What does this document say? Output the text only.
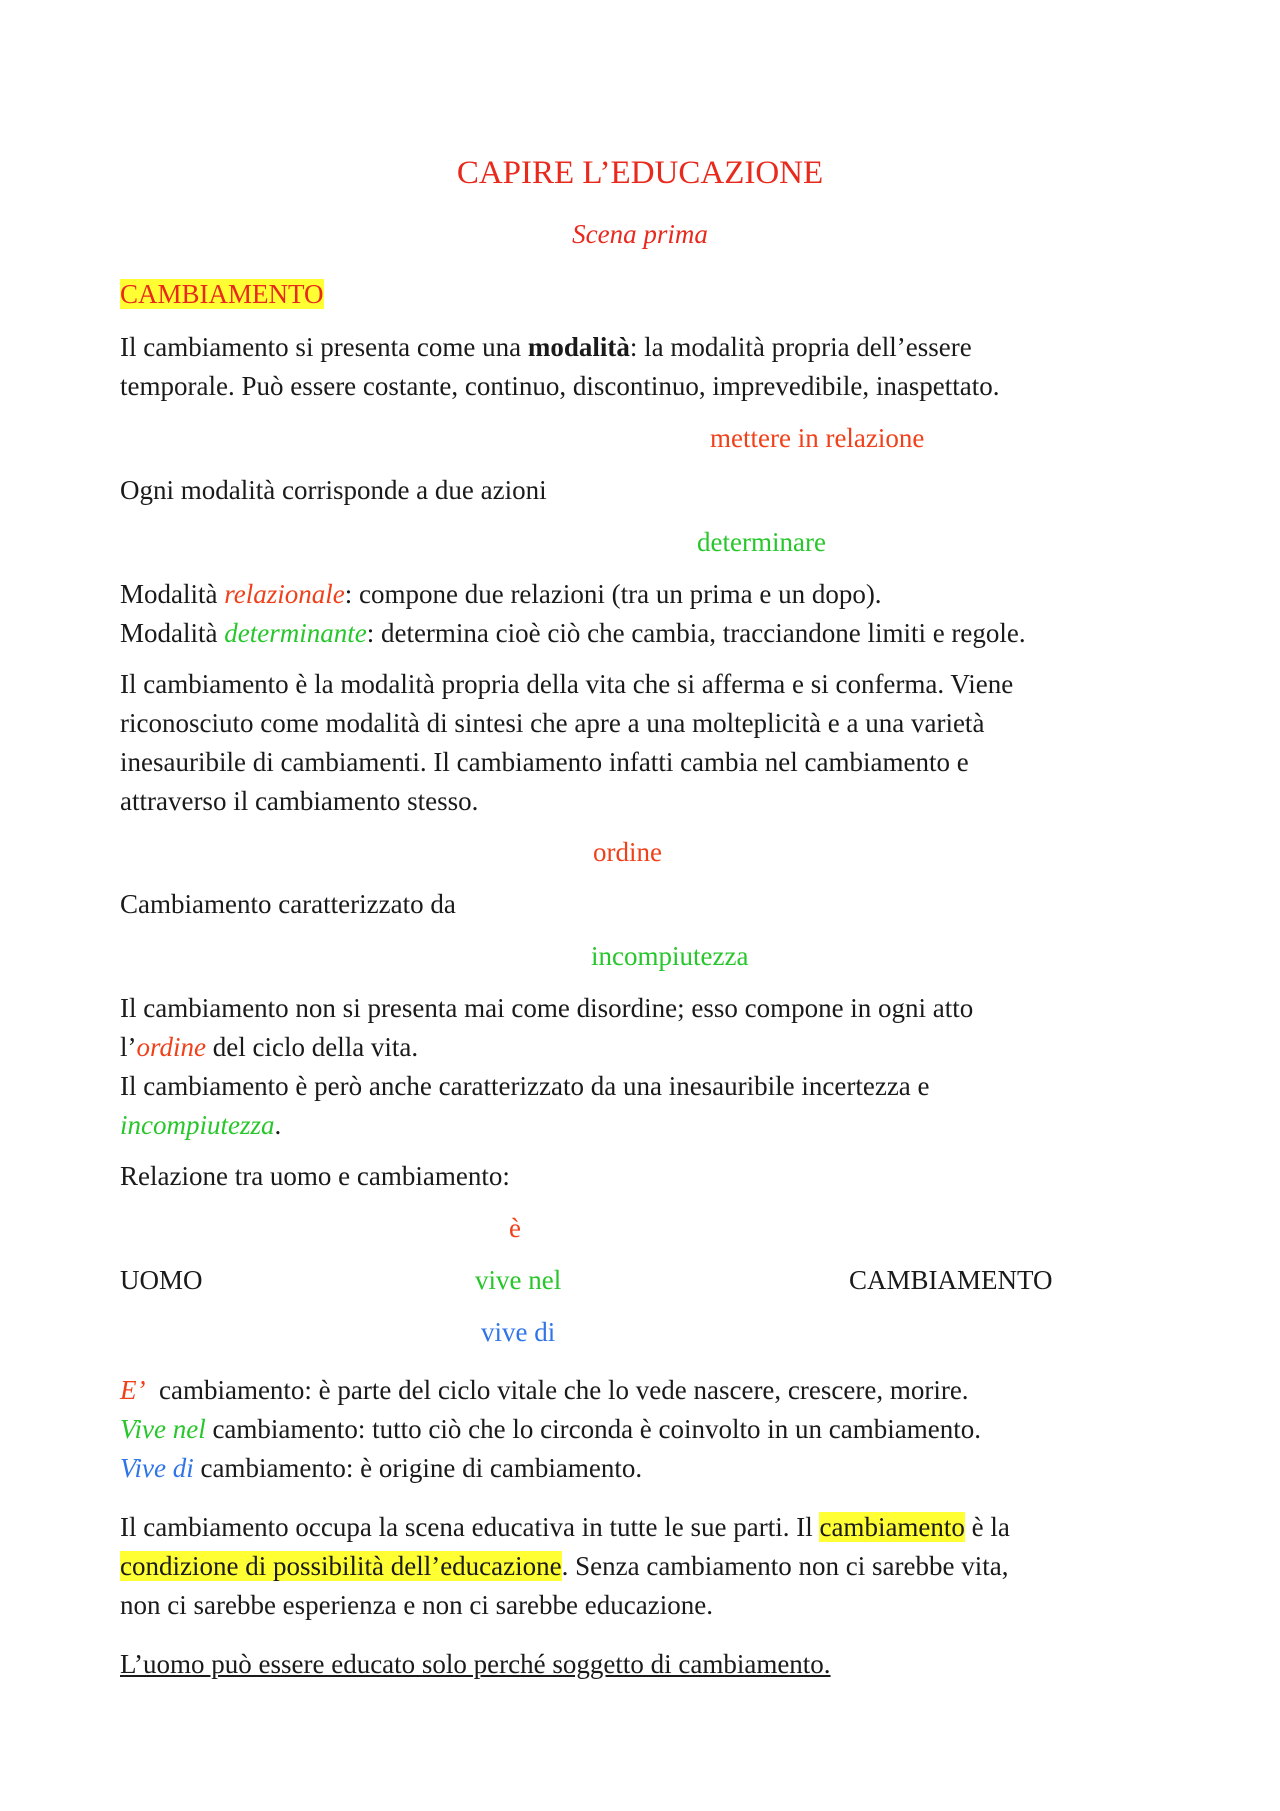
CAPIRE L’EDUCAZIONE
Scena prima
CAMBIAMENTO
Il cambiamento si presenta come una modalità: la modalità propria dell’essere
temporale. Può essere costante, continuo, discontinuo, imprevedibile, inaspettato.
mettere in relazione
Ogni modalità corrisponde a due azioni
determinare
Modalità relazionale: compone due relazioni (tra un prima e un dopo).
Modalità determinante: determina cioè ciò che cambia, tracciandone limiti e regole.
Il cambiamento è la modalità propria della vita che si afferma e si conferma. Viene
riconosciuto come modalità di sintesi che apre a una molteplicità e a una varietà
inesauribile di cambiamenti. Il cambiamento infatti cambia nel cambiamento e
attraverso il cambiamento stesso.
ordine
Cambiamento caratterizzato da
incompiutezza
Il cambiamento non si presenta mai come disordine; esso compone in ogni atto
l’ordine del ciclo della vita.
Il cambiamento è però anche caratterizzato da una inesauribile incertezza e
incompiutezza.
Relazione tra uomo e cambiamento:
è
UOMO	vive nel	CAMBIAMENTO
vive di
E’  cambiamento: è parte del ciclo vitale che lo vede nascere, crescere, morire.
Vive nel cambiamento: tutto ciò che lo circonda è coinvolto in un cambiamento.
Vive di cambiamento: è origine di cambiamento.
Il cambiamento occupa la scena educativa in tutte le sue parti. Il cambiamento è la
condizione di possibilità dell’educazione. Senza cambiamento non ci sarebbe vita,
non ci sarebbe esperienza e non ci sarebbe educazione.
L’uomo può essere educato solo perché soggetto di cambiamento.
